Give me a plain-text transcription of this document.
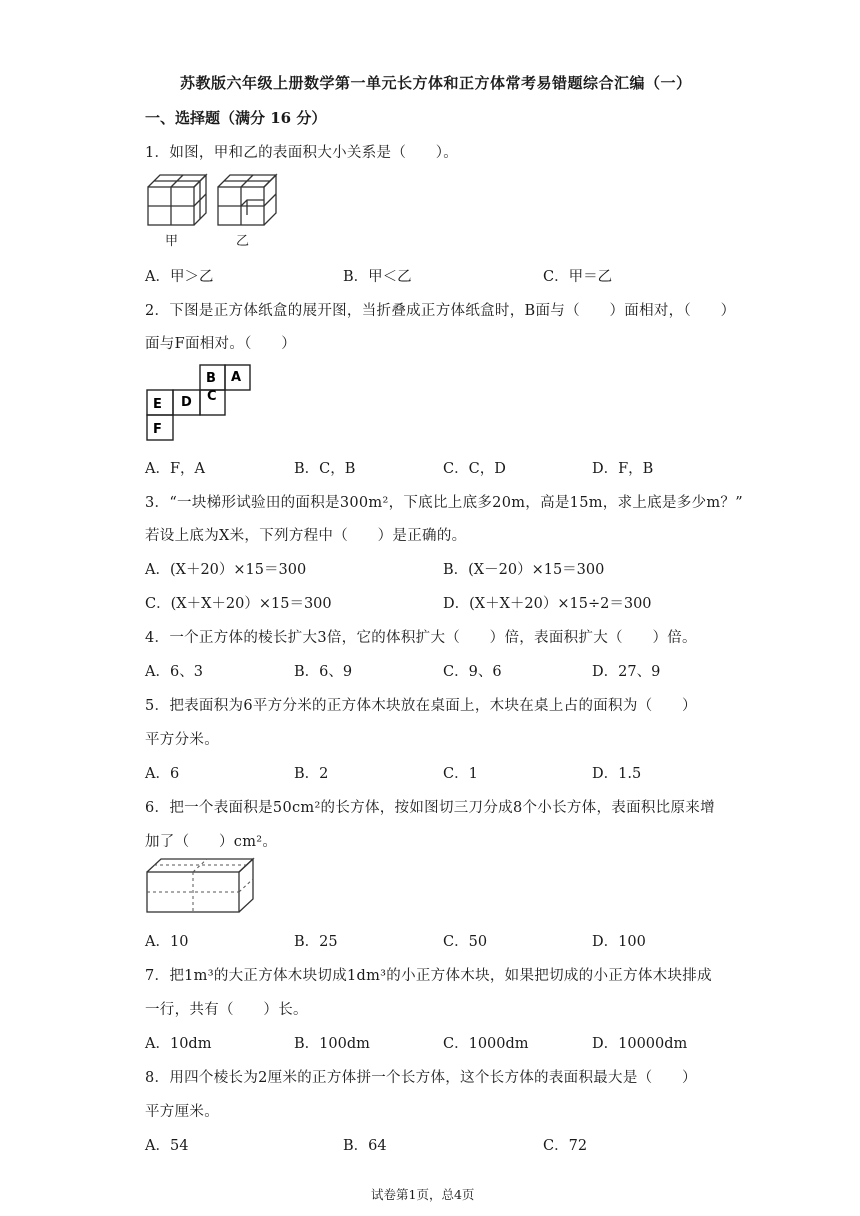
苏教版六年级上册数学第一单元长方体和正方体常考易错题综合汇编（一）
一、选择题（满分 16 分）
1．如图，甲和乙的表面积大小关系是（　　）。
甲	乙
A．甲＞乙	B．甲＜乙	C．甲＝乙
2．下图是正方体纸盒的展开图，当折叠成正方体纸盒时，B面与（　　）面相对，（　　）
面与F面相对。（　　）
B A
E D C
F
A．F，A	B．C，B	C．C，D	D．F，B
3．“一块梯形试验田的面积是300m²，下底比上底多20m，高是15m，求上底是多少m？”
若设上底为X米，下列方程中（　　）是正确的。
A．(X＋20）×15＝300	B．(X－20）×15＝300
C．(X＋X＋20）×15＝300	D．(X＋X＋20）×15÷2＝300
4．一个正方体的棱长扩大3倍，它的体积扩大（　　）倍，表面积扩大（　　）倍。
A．6、3	B．6、9	C．9、6	D．27、9
5．把表面积为6平方分米的正方体木块放在桌面上，木块在桌上占的面积为（　　）
平方分米。
A．6	B．2	C．1	D．1.5
6．把一个表面积是50cm²的长方体，按如图切三刀分成8个小长方体，表面积比原来增
加了（　　）cm²。
A．10	B．25	C．50	D．100
7．把1m³的大正方体木块切成1dm³的小正方体木块，如果把切成的小正方体木块排成
一行，共有（　　）长。
A．10dm	B．100dm	C．1000dm	D．10000dm
8．用四个棱长为2厘米的正方体拼一个长方体，这个长方体的表面积最大是（　　）
平方厘米。
A．54	B．64	C．72
试卷第1页，总4页
